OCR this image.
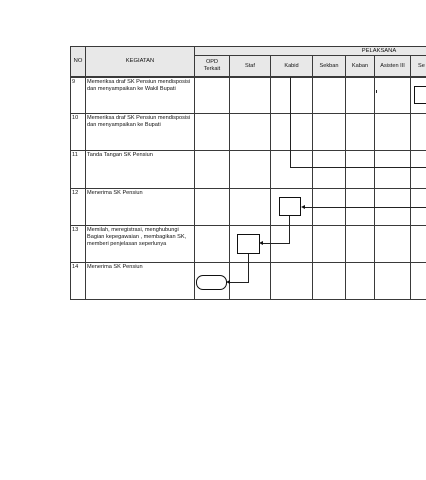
NO	KEGIATAN
PELAKSANA
OPD Terkait
Staf	Kabid	Sekban	Kaban	Asisten III	Se
9	Memeriksa draf SK Pensiun mendisposisi dan menyampaikan ke Wakil Bupati
10	Memeriksa draf SK Pensiun mendisposisi dan menyampaikan ke Bupati
11	Tanda Tangan SK Pensiun
12	Menerima SK Pensiun
13	Memilah, meregistrasi, menghubungi Bagian kepegawaian , membagikan SK, memberi penjelasan seperlunya
14	Menerima SK Pensiun
